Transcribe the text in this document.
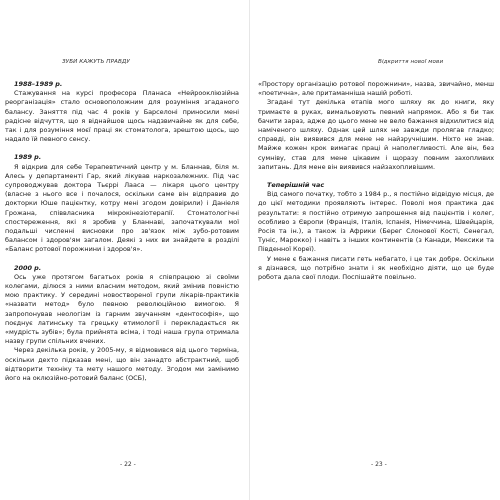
ЗУБИ КАЖУТЬ ПРАВДУ	Відкриття нової мови

1988–1989 р.

Стажування на курсі професора Планаса «Нейроокліюзійна реорганізація» стало основоположним для розуміння згаданого балансу. Заняття під час 4 років у Барселоні приносили мені радісне відчуття, що я віднайшов щось надзвичайне як для себе, так і для розуміння моєї праці як стоматолога, зрештою щось, що надало їй певного сенсу.

1989 р.

Я відкрив для себе Терапевтичний центр у м. Бланнав, біля м. Алесь у департаменті Гар, який лікував наркозалежних. Під час супроводжував доктора Тьєррі Лааса — лікаря цього центру (власне з нього все і почалося, оскільки саме він відправив до докторки Юше пацієнтку, котру мені згодом довірили) і Даніеля Грожана, співвласника мікрокінезіотерапії. Стоматологічні спостереження, які я зробив у Бланнаві, започаткували мої подальші численні висновки про зв'язок між зубо-ротовим балансом і здоров'ям загалом. Деякі з них ви знайдете в розділі «Баланс ротової порожнини і здоров'я».

2000 р.

Ось уже протягом багатьох років я співпрацюю зі своїми колегами, ділюся з ними власним методом, який змінив повністю мою практику. У середині новоствореної групи лікарів-практиків «назвати метод» було певною революційною вимогою. Я запропонував неологізм із гарним звучанням «дентософія», що поєднує латинську та грецьку етимології і перекладається як «мудрість зубів»; була прийнята всіма, і тоді наша група отримала назву групи спільних вчених.

Через декілька років, у 2005-му, я відмовився від цього терміна, оскільки дехто підказав мені, що він занадто абстрактний, щоб відтворити техніку та мету нашого методу. Згодом ми замінимо його на оклюзійно-ротовий баланс (ОСБ),

«Простору організацію ротової порожнини», назва, звичайно, менш «поетична», але притаманніша нашій роботі.

Згадані тут декілька етапів мого шляху як до книги, яку тримаєте в руках, вимальовують певний напрямок. Або я би так бачити зараз, адже до цього мене не вело бажання відхилитися від наміченого шляху. Однак цей шлях не завжди пролягав гладко; справді, він виявився для мене не найзручнішим. Ніхто не знав. Майже кожен крок вимагає праці й наполегливості. Але він, без сумніву, став для мене цікавим і щоразу повним захопливих запитань. Для мене він виявився найзахопливішим.

Теперішній час

Від самого початку, тобто з 1984 р., я постійно відвідую місця, де до цієї методики проявляють інтерес. Поволі моя практика дає результати: я постійно отримую запрошення від пацієнтів і колег, особливо з Європи (Франція, Італія, Іспанія, Німеччина, Швейцарія, Росія та ін.), а також із Африки (Берег Слонової Кості, Сенегал, Туніс, Марокко) і навіть з інших континентів (з Канади, Мексики та Південної Кореї).

У мене є бажання писати геть небагато, і це так добре. Оскільки я дізнався, що потрібно знати і як необхідно діяти, що це буде робота дала свої плоди. Поспішайте повільно.

- 22 -	- 23 -
